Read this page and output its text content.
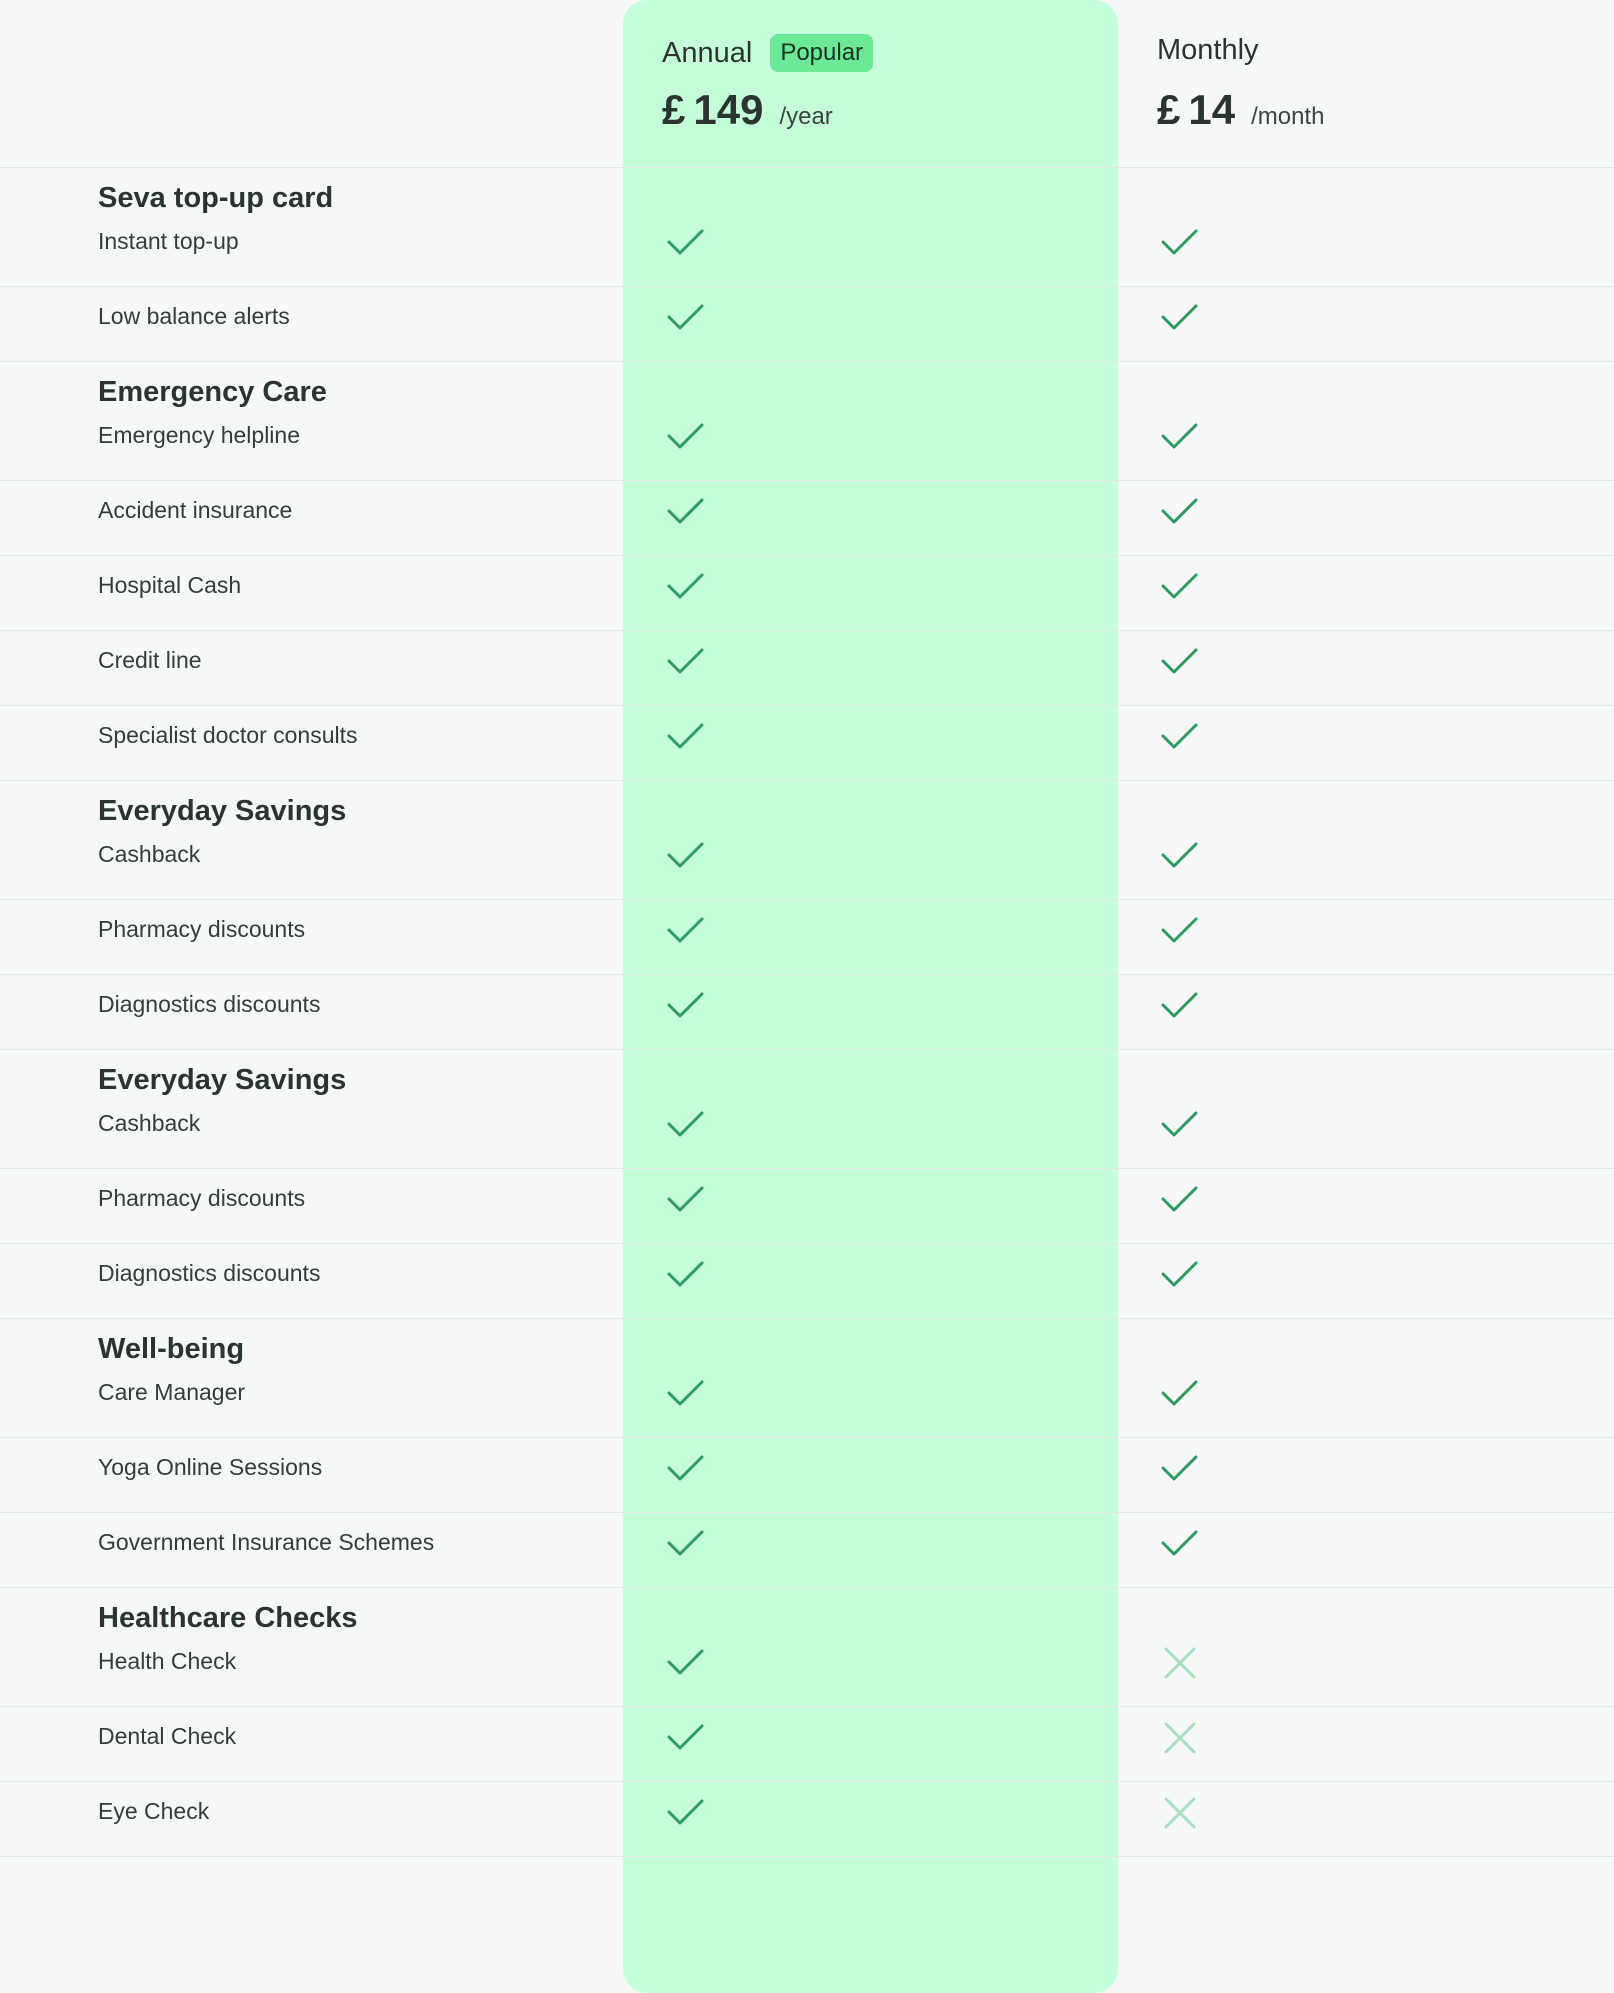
Annual	Popular
£ 149 /year
Monthly
£ 14 /month
Seva top-up card
Instant top-up
Low balance alerts
Emergency Care
Emergency helpline
Accident insurance
Hospital Cash
Credit line
Specialist doctor consults
Everyday Savings
Cashback
Pharmacy discounts
Diagnostics discounts
Everyday Savings
Cashback
Pharmacy discounts
Diagnostics discounts
Well-being
Care Manager
Yoga Online Sessions
Government Insurance Schemes
Healthcare Checks
Health Check
Dental Check
Eye Check
